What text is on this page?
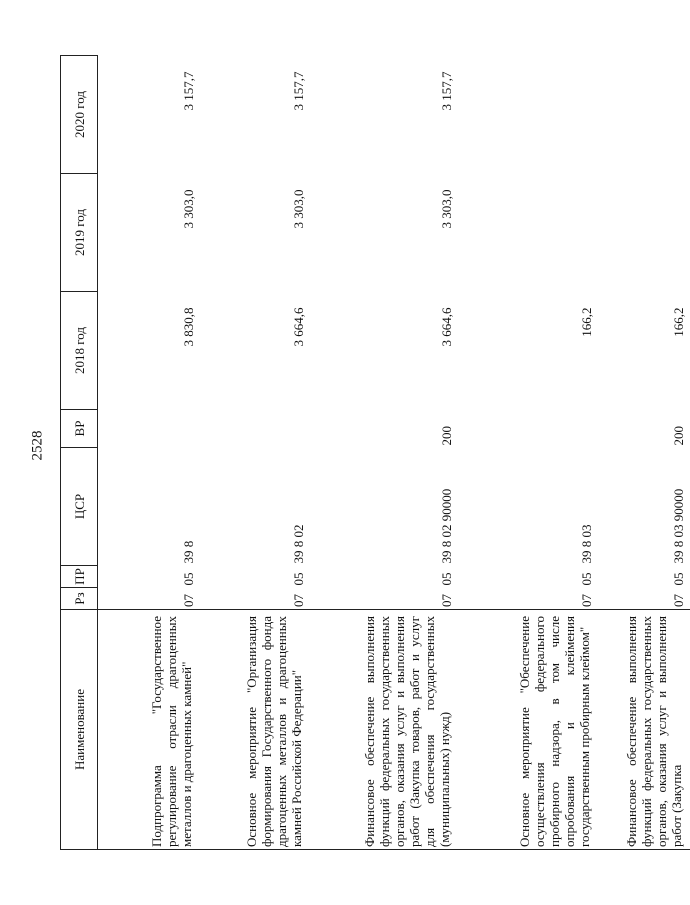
2528
Наименование	Рз	ПР	ЦСР	ВР	2018 год	2019 год	2020 год
Подпрограмма "Государственное регулирование отрасли драгоценных металлов и драгоценных камней"	07	05	39 8		3 830,8	3 303,0	3 157,7
Основное мероприятие "Организация формирования Государственного фонда драгоценных металлов и драгоценных камней Российской Федерации"	07	05	39 8 02		3 664,6	3 303,0	3 157,7
Финансовое обеспечение выполнения функций федеральных государственных органов, оказания услуг и выполнения работ (Закупка товаров, работ и услуг для обеспечения государственных (муниципальных) нужд)	07	05	39 8 02 90000	200	3 664,6	3 303,0	3 157,7
Основное мероприятие "Обеспечение осуществления федерального пробирного надзора, в том числе опробования и клеймения государственным пробирным клеймом"	07	05	39 8 03		166,2		
Финансовое обеспечение выполнения функций федеральных государственных органов, оказания услуг и выполнения работ (Закупка	07	05	39 8 03 90000	200	166,2		
